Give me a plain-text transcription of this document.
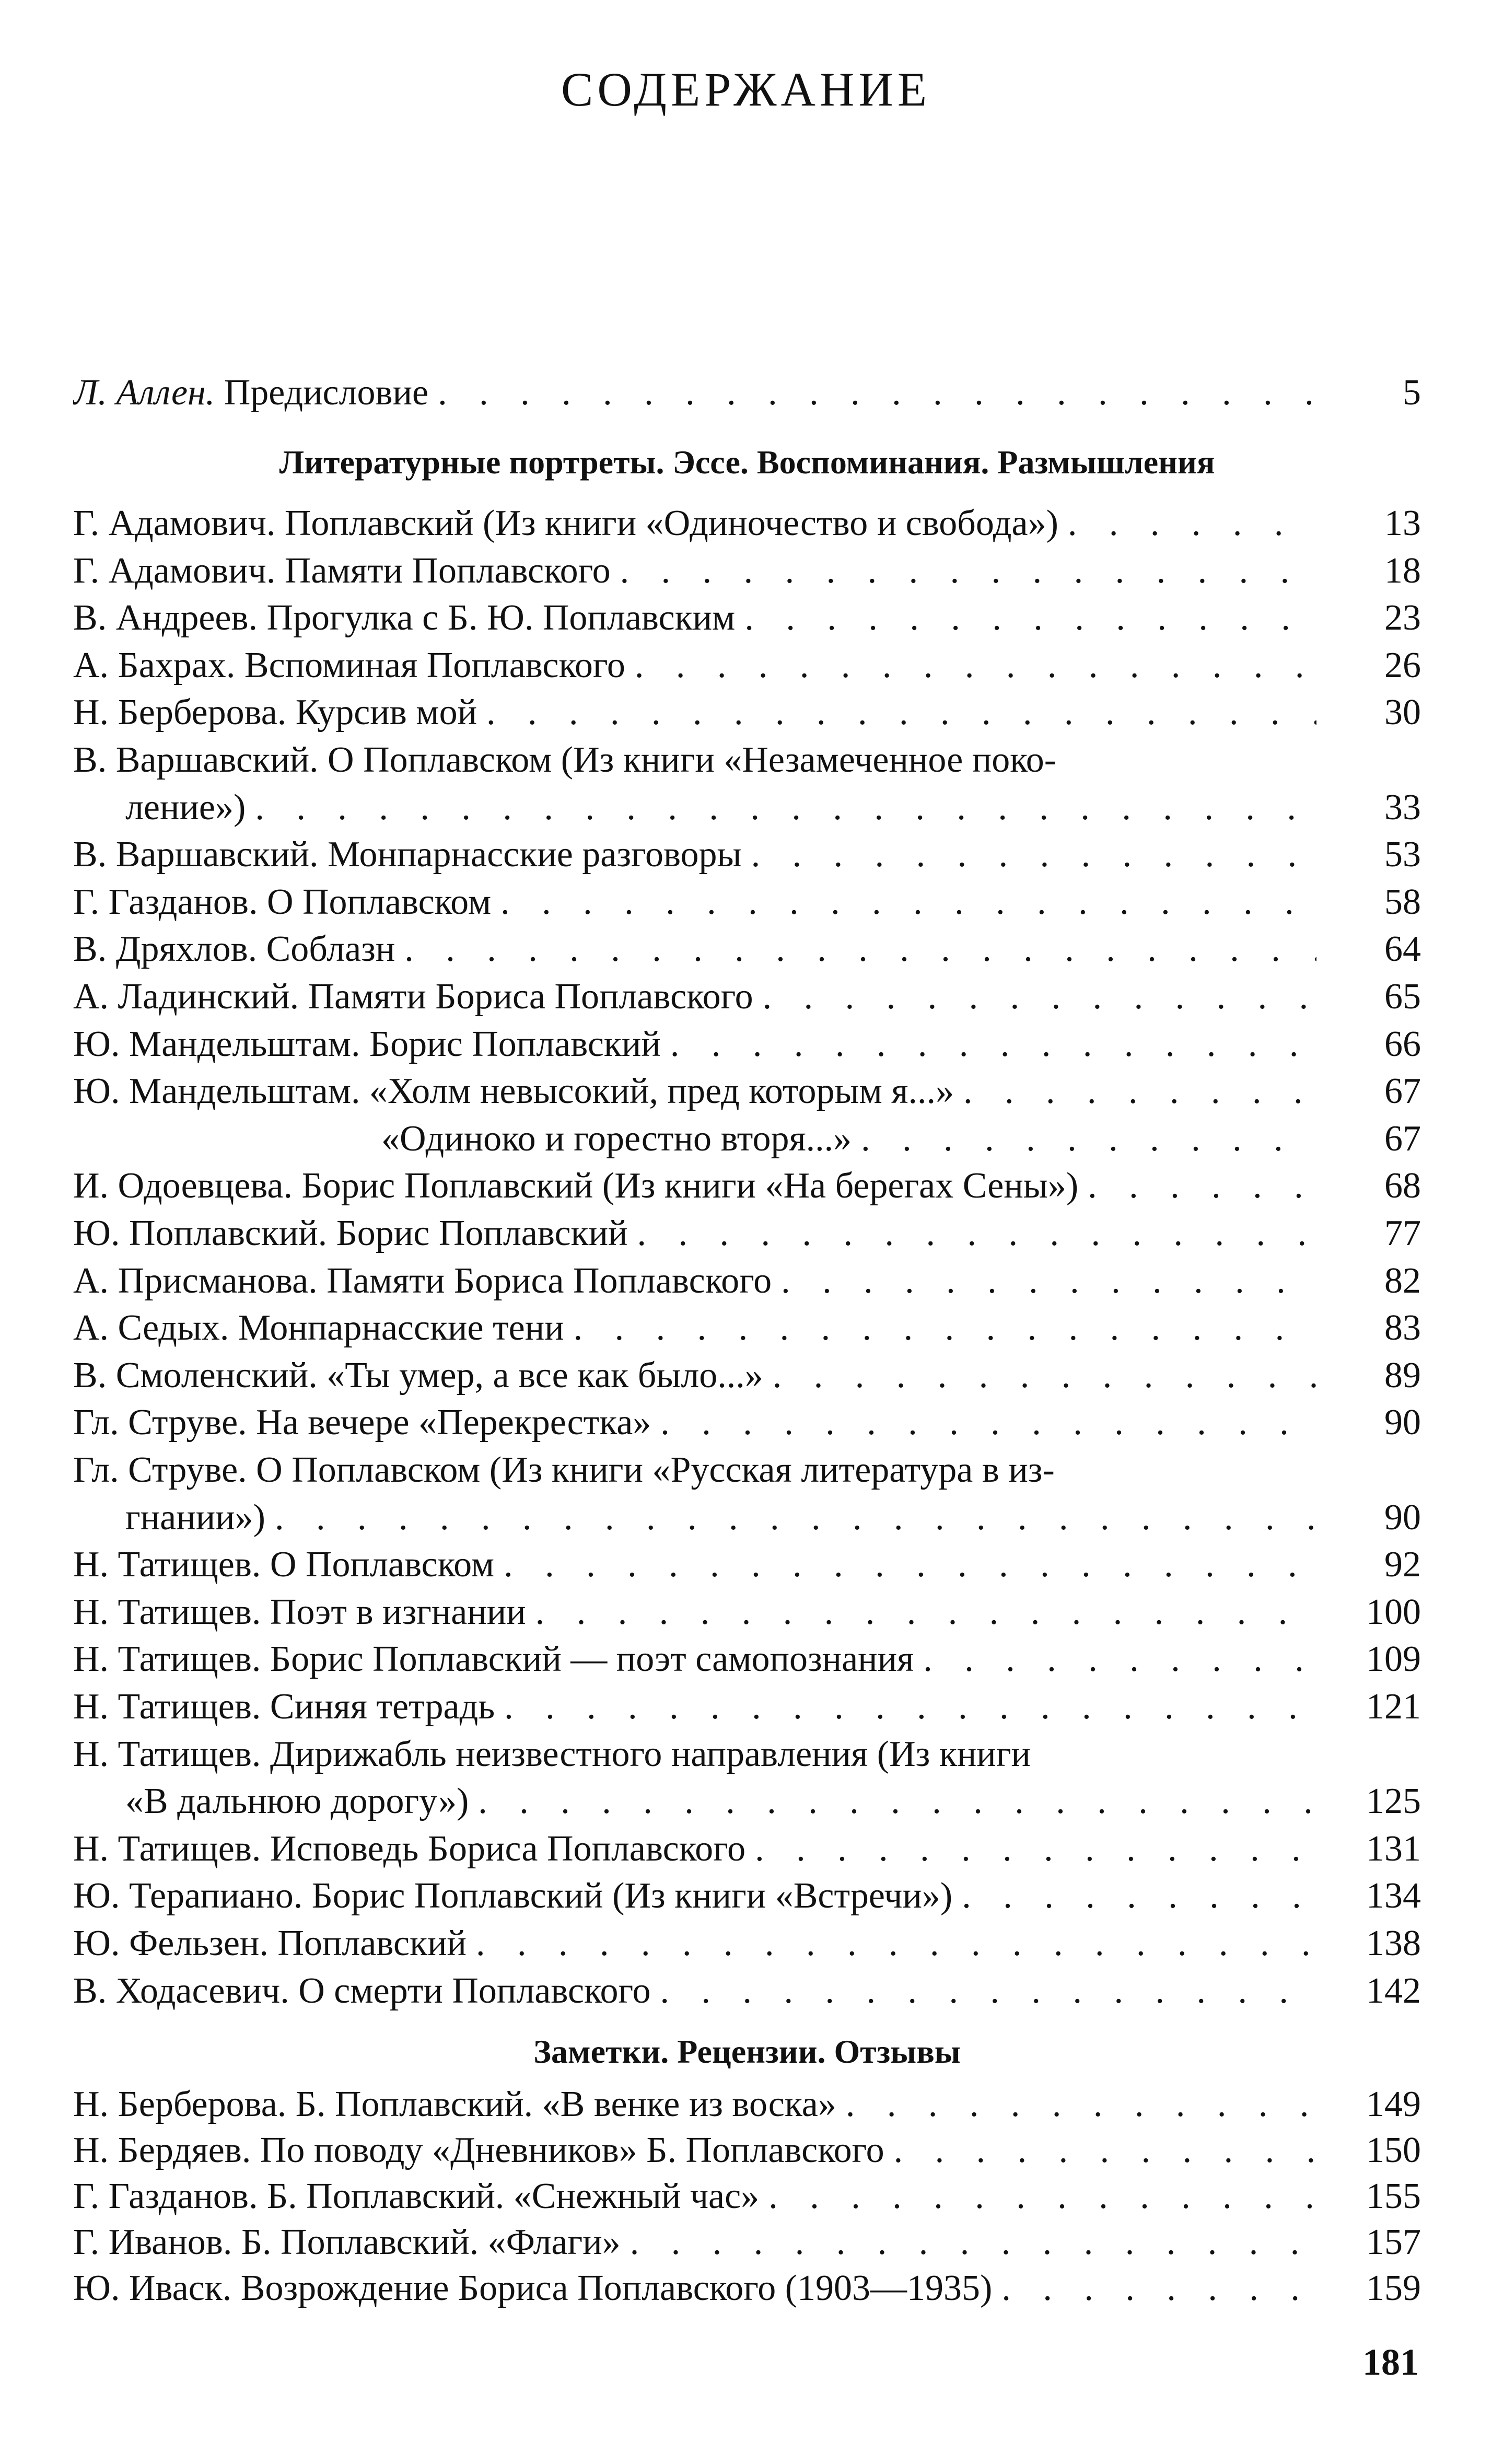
СОДЕРЖАНИЕ
Л. Аллен. Предисловие . . .	5
Литературные портреты. Эссе. Воспоминания. Размышления
Г. Адамович. Поплавский (Из книги «Одиночество и свобода») . . .	13
Г. Адамович. Памяти Поплавского . . .	18
В. Андреев. Прогулка с Б. Ю. Поплавским . . .	23
А. Бахрах. Вспоминая Поплавского . . .	26
Н. Берберова. Курсив мой . . .	30
В. Варшавский. О Поплавском (Из книги «Незамеченное поко-
ление») . . .	33
В. Варшавский. Монпарнасские разговоры . . .	53
Г. Газданов. О Поплавском . . .	58
В. Дряхлов. Соблазн . . .	64
А. Ладинский. Памяти Бориса Поплавского . . .	65
Ю. Мандельштам. Борис Поплавский . . .	66
Ю. Мандельштам. «Холм невысокий, пред которым я...» . . .	67
«Одиноко и горестно вторя...» . . .	67
И. Одоевцева. Борис Поплавский (Из книги «На берегах Сены») . . .	68
Ю. Поплавский. Борис Поплавский . . .	77
А. Присманова. Памяти Бориса Поплавского . . .	82
А. Седых. Монпарнасские тени . . .	83
В. Смоленский. «Ты умер, а все как было...» . . .	89
Гл. Струве. На вечере «Перекрестка» . . .	90
Гл. Струве. О Поплавском (Из книги «Русская литература в из-
гнании») . . .	90
Н. Татищев. О Поплавском . . .	92
Н. Татищев. Поэт в изгнании . . .	100
Н. Татищев. Борис Поплавский — поэт самопознания . . .	109
Н. Татищев. Синяя тетрадь . . .	121
Н. Татищев. Дирижабль неизвестного направления (Из книги
«В дальнюю дорогу») . . .	125
Н. Татищев. Исповедь Бориса Поплавского . . .	131
Ю. Терапиано. Борис Поплавский (Из книги «Встречи») . . .	134
Ю. Фельзен. Поплавский . . .	138
В. Ходасевич. О смерти Поплавского . . .	142
Заметки. Рецензии. Отзывы
Н. Берберова. Б. Поплавский. «В венке из воска» . . .	149
Н. Бердяев. По поводу «Дневников» Б. Поплавского . . .	150
Г. Газданов. Б. Поплавский. «Снежный час» . . .	155
Г. Иванов. Б. Поплавский. «Флаги» . . .	157
Ю. Иваск. Возрождение Бориса Поплавского (1903—1935) . . .	159
181
